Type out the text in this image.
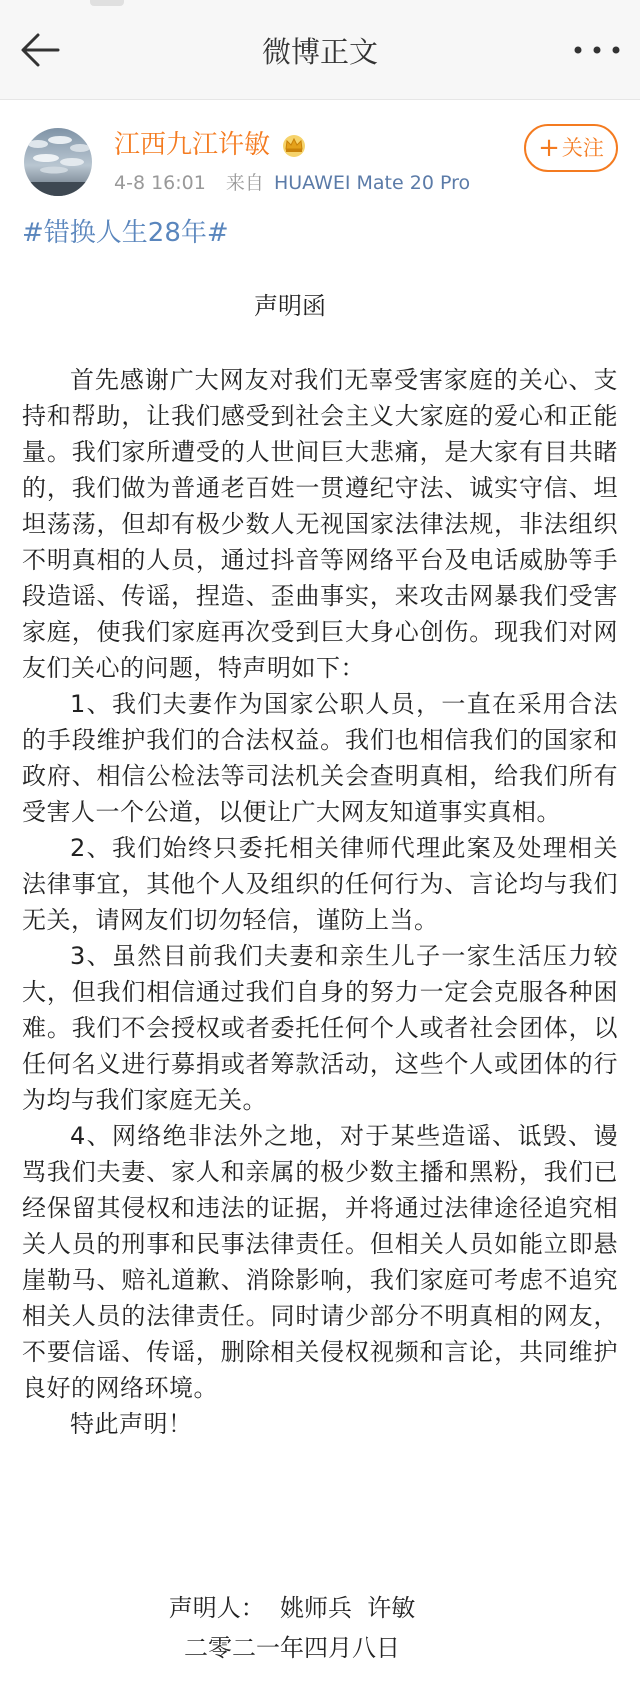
微博正文
江西九江许敏
4-8 16:01 来自 HUAWEI Mate 20 Pro
+关注
#错换人生28年#
声明函

首先感谢广大网友对我们无辜受害家庭的关心、支持和帮助，让我们感受到社会主义大家庭的爱心和正能量。我们家所遭受的人世间巨大悲痛，是大家有目共睹的，我们做为普通老百姓一贯遵纪守法、诚实守信、坦坦荡荡，但却有极少数人无视国家法律法规，非法组织不明真相的人员，通过抖音等网络平台及电话威胁等手段造谣、传谣，捏造、歪曲事实，来攻击网暴我们受害家庭，使我们家庭再次受到巨大身心创伤。现我们对网友们关心的问题，特声明如下：

1、我们夫妻作为国家公职人员，一直在采用合法的手段维护我们的合法权益。我们也相信我们的国家和政府、相信公检法等司法机关会查明真相，给我们所有受害人一个公道，以便让广大网友知道事实真相。

2、我们始终只委托相关律师代理此案及处理相关法律事宜，其他个人及组织的任何行为、言论均与我们无关，请网友们切勿轻信，谨防上当。

3、虽然目前我们夫妻和亲生儿子一家生活压力较大，但我们相信通过我们自身的努力一定会克服各种困难。我们不会授权或者委托任何个人或者社会团体，以任何名义进行募捐或者筹款活动，这些个人或团体的行为均与我们家庭无关。

4、网络绝非法外之地，对于某些造谣、诋毁、谩骂我们夫妻、家人和亲属的极少数主播和黑粉，我们已经保留其侵权和违法的证据，并将通过法律途径追究相关人员的刑事和民事法律责任。但相关人员如能立即悬崖勒马、赔礼道歉、消除影响，我们家庭可考虑不追究相关人员的法律责任。同时请少部分不明真相的网友，不要信谣、传谣，删除相关侵权视频和言论，共同维护良好的网络环境。

特此声明！

声明人：  姚师兵  许敏
二零二一年四月八日
